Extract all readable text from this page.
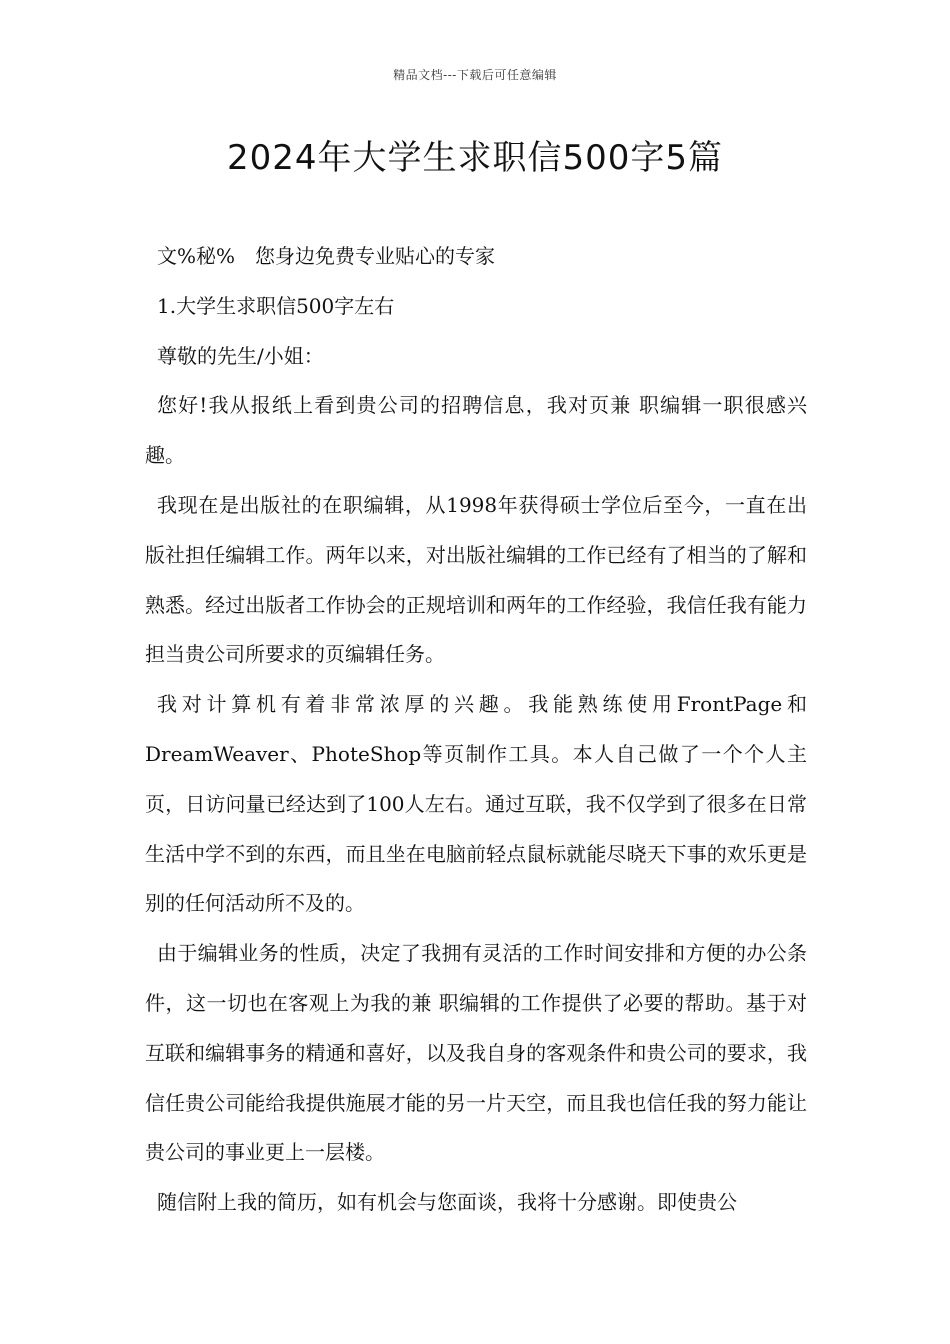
精品文档---下载后可任意编辑
2024年大学生求职信500字5篇

文%秘%　您身边免费专业贴心的专家

1.大学生求职信500字左右

尊敬的先生/小姐：

您好!我从报纸上看到贵公司的招聘信息，我对页兼 职编辑一职很感兴趣。

我现在是出版社的在职编辑，从1998年获得硕士学位后至今，一直在出版社担任编辑工作。两年以来，对出版社编辑的工作已经有了相当的了解和熟悉。经过出版者工作协会的正规培训和两年的工作经验，我信任我有能力担当贵公司所要求的页编辑任务。

我对计算机有着非常浓厚的兴趣。我能熟练使用FrontPage和DreamWeaver、PhoteShop等页制作工具。本人自己做了一个个人主页，日访问量已经达到了100人左右。通过互联，我不仅学到了很多在日常生活中学不到的东西，而且坐在电脑前轻点鼠标就能尽晓天下事的欢乐更是别的任何活动所不及的。

由于编辑业务的性质，决定了我拥有灵活的工作时间安排和方便的办公条件，这一切也在客观上为我的兼 职编辑的工作提供了必要的帮助。基于对互联和编辑事务的精通和喜好，以及我自身的客观条件和贵公司的要求，我信任贵公司能给我提供施展才能的另一片天空，而且我也信任我的努力能让贵公司的事业更上一层楼。

随信附上我的简历，如有机会与您面谈，我将十分感谢。即使贵公
